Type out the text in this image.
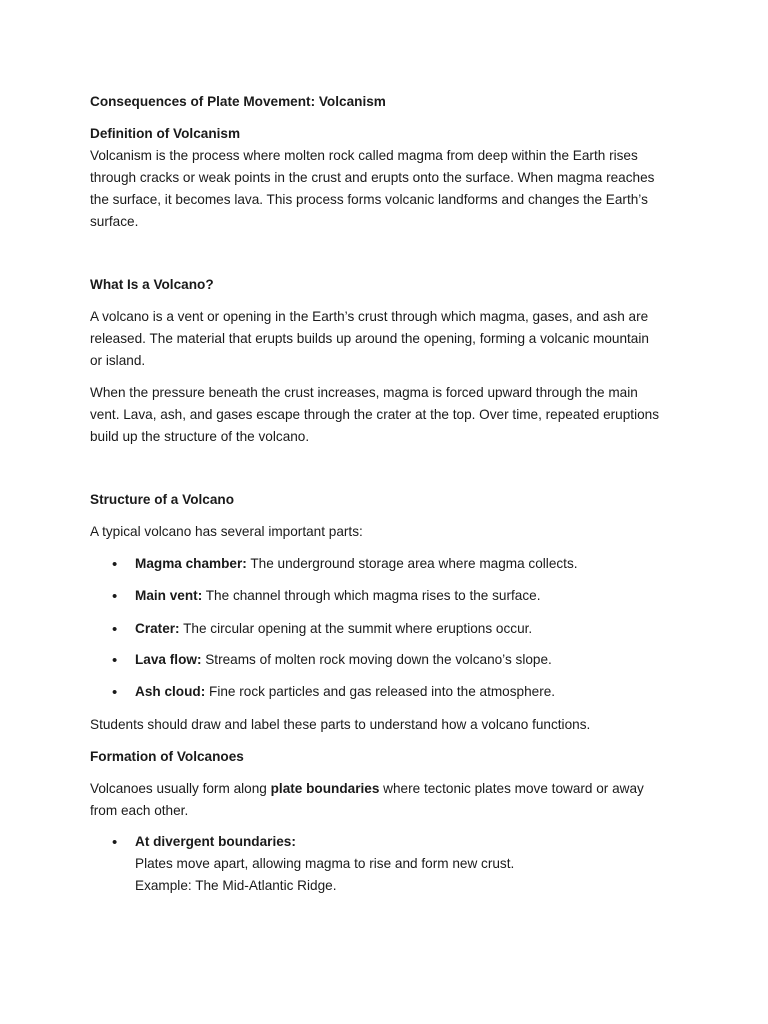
Consequences of Plate Movement: Volcanism
Definition of Volcanism

Volcanism is the process where molten rock called magma from deep within the Earth rises
through cracks or weak points in the crust and erupts onto the surface. When magma reaches
the surface, it becomes lava. This process forms volcanic landforms and changes the Earth’s
surface.

What Is a Volcano?

A volcano is a vent or opening in the Earth’s crust through which magma, gases, and ash are
released. The material that erupts builds up around the opening, forming a volcanic mountain
or island.

When the pressure beneath the crust increases, magma is forced upward through the main
vent. Lava, ash, and gases escape through the crater at the top. Over time, repeated eruptions
build up the structure of the volcano.

Structure of a Volcano

A typical volcano has several important parts:

•

Magma chamber: The underground storage area where magma collects.

•

Main vent: The channel through which magma rises to the surface.

•

Crater: The circular opening at the summit where eruptions occur.

•

Lava flow: Streams of molten rock moving down the volcano’s slope.

•

Ash cloud: Fine rock particles and gas released into the atmosphere.

Students should draw and label these parts to understand how a volcano functions.

Formation of Volcanoes

Volcanoes usually form along plate boundaries where tectonic plates move toward or away
from each other.

•

At divergent boundaries:
Plates move apart, allowing magma to rise and form new crust.
Example: The Mid-Atlantic Ridge.
